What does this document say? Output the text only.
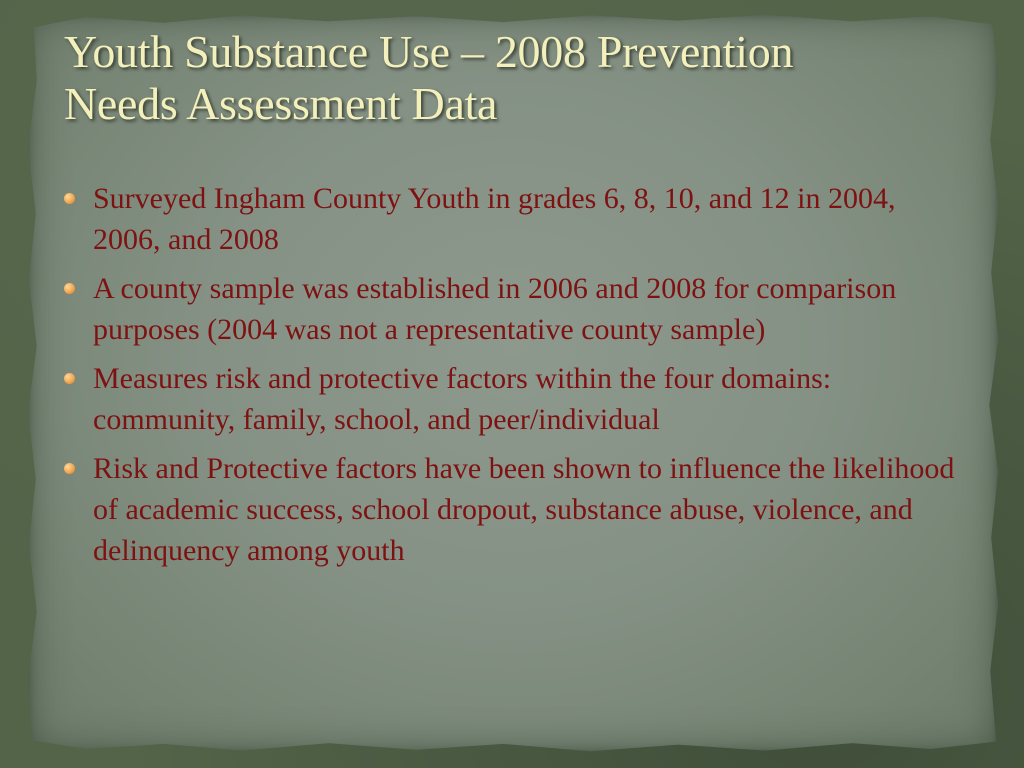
Youth Substance Use – 2008 Prevention
Needs Assessment Data
Surveyed Ingham County Youth in grades 6, 8, 10, and 12 in 2004, 2006, and 2008
A county sample was established in 2006 and 2008 for comparison purposes (2004 was not a representative county sample)
Measures risk and protective factors within the four domains: community, family, school, and peer/individual
Risk and Protective factors have been shown to influence the likelihood of academic success, school dropout, substance abuse, violence, and delinquency among youth
